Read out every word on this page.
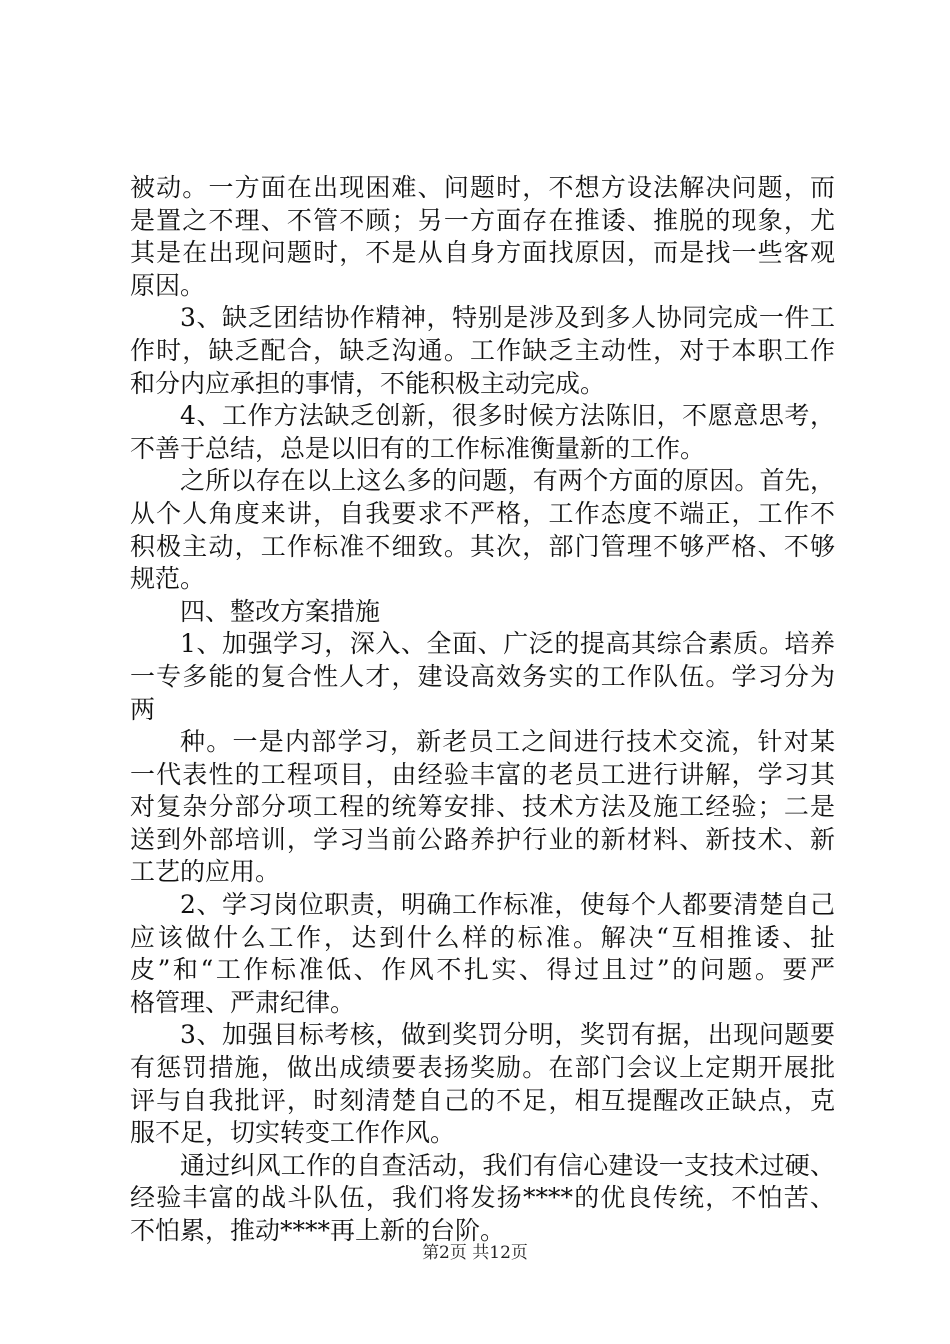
被动。一方面在出现困难、问题时，不想方设法解决问题，而
是置之不理、不管不顾；另一方面存在推诿、推脱的现象，尤
其是在出现问题时，不是从自身方面找原因，而是找一些客观
原因。
3、缺乏团结协作精神，特别是涉及到多人协同完成一件工
作时，缺乏配合，缺乏沟通。工作缺乏主动性，对于本职工作
和分内应承担的事情，不能积极主动完成。
4、工作方法缺乏创新，很多时候方法陈旧，不愿意思考，
不善于总结，总是以旧有的工作标准衡量新的工作。
之所以存在以上这么多的问题，有两个方面的原因。首先，
从个人角度来讲，自我要求不严格，工作态度不端正，工作不
积极主动，工作标准不细致。其次，部门管理不够严格、不够
规范。
四、整改方案措施
1、加强学习，深入、全面、广泛的提高其综合素质。培养
一专多能的复合性人才，建设高效务实的工作队伍。学习分为
两
种。一是内部学习，新老员工之间进行技术交流，针对某
一代表性的工程项目，由经验丰富的老员工进行讲解，学习其
对复杂分部分项工程的统筹安排、技术方法及施工经验；二是
送到外部培训，学习当前公路养护行业的新材料、新技术、新
工艺的应用。
2、学习岗位职责，明确工作标准，使每个人都要清楚自己
应该做什么工作，达到什么样的标准。解决“互相推诿、扯
皮”和“工作标准低、作风不扎实、得过且过”的问题。要严
格管理、严肃纪律。
3、加强目标考核，做到奖罚分明，奖罚有据，出现问题要
有惩罚措施，做出成绩要表扬奖励。在部门会议上定期开展批
评与自我批评，时刻清楚自己的不足，相互提醒改正缺点，克
服不足，切实转变工作作风。
通过纠风工作的自查活动，我们有信心建设一支技术过硬、
经验丰富的战斗队伍，我们将发扬****的优良传统，不怕苦、
不怕累，推动****再上新的台阶。
第2页 共12页
